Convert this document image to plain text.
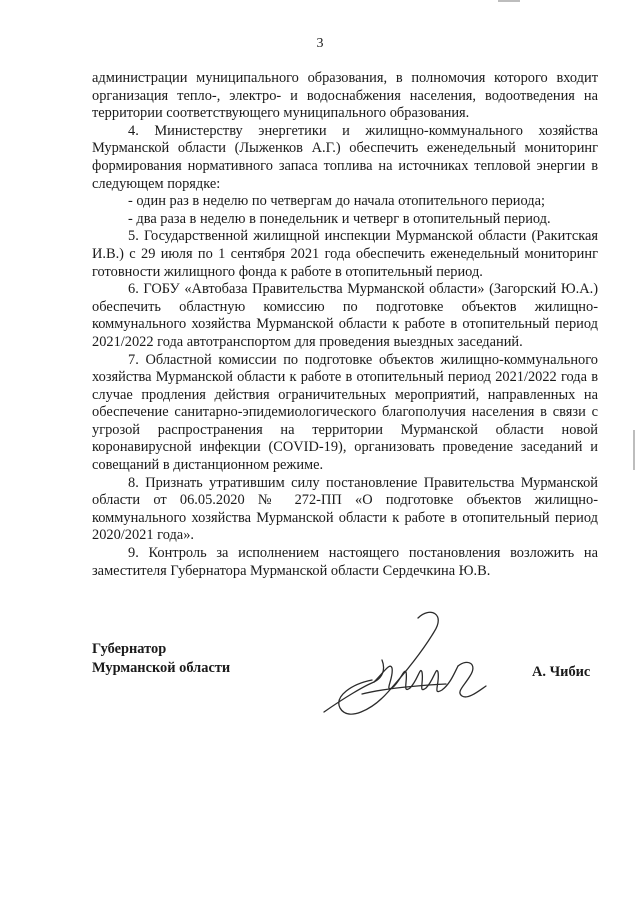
3

администрации муниципального образования, в полномочия которого входит организация тепло-, электро- и водоснабжения населения, водоотведения на территории соответствующего муниципального образования.

4. Министерству энергетики и жилищно-коммунального хозяйства Мурманской области (Лыженков А.Г.) обеспечить еженедельный мониторинг формирования нормативного запаса топлива на источниках тепловой энергии в следующем порядке:

- один раз в неделю по четвергам до начала отопительного периода;

- два раза в неделю в понедельник и четверг в отопительный период.

5. Государственной жилищной инспекции Мурманской области (Ракитская И.В.) с 29 июля по 1 сентября 2021 года обеспечить еженедельный мониторинг готовности жилищного фонда к работе в отопительный период.

6. ГОБУ «Автобаза Правительства Мурманской области» (Загорский Ю.А.) обеспечить областную комиссию по подготовке объектов жилищно-коммунального хозяйства Мурманской области к работе в отопительный период 2021/2022 года автотранспортом для проведения выездных заседаний.

7. Областной комиссии по подготовке объектов жилищно-коммунального хозяйства Мурманской области к работе в отопительный период 2021/2022 года в случае продления действия ограничительных мероприятий, направленных на обеспечение санитарно-эпидемиологического благополучия населения в связи с угрозой распространения на территории Мурманской области новой коронавирусной инфекции (COVID-19), организовать проведение заседаний и совещаний в дистанционном режиме.

8. Признать утратившим силу постановление Правительства Мурманской области от 06.05.2020 № 272-ПП «О подготовке объектов жилищно-коммунального хозяйства Мурманской области к работе в отопительный период 2020/2021 года».

9. Контроль за исполнением настоящего постановления возложить на заместителя Губернатора Мурманской области Сердечкина Ю.В.

Губернатор
Мурманской области	А. Чибис
